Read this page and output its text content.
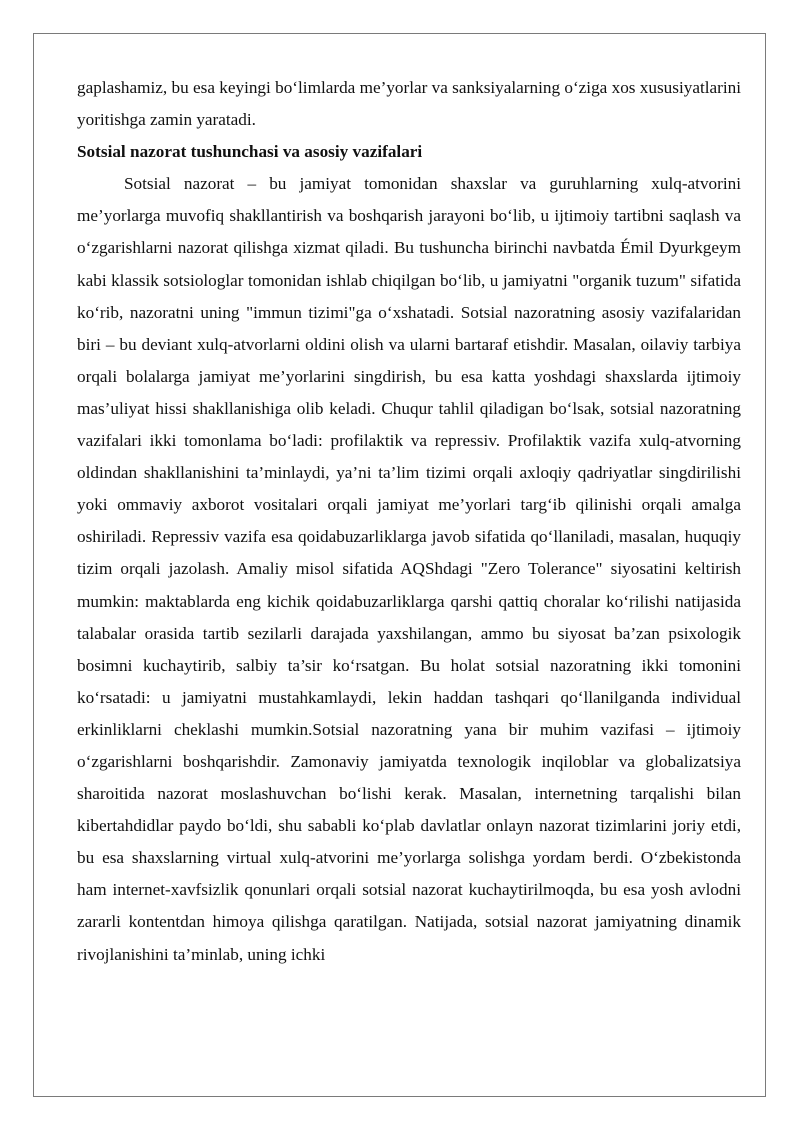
gaplashamiz, bu esa keyingi bo‘limlarda me’yorlar va sanksiyalarning o‘ziga xos xususiyatlarini yoritishga zamin yaratadi.

Sotsial nazorat tushunchasi va asosiy vazifalari

Sotsial nazorat – bu jamiyat tomonidan shaxslar va guruhlarning xulq-atvorini me’yorlarga muvofiq shakllantirish va boshqarish jarayoni bo‘lib, u ijtimoiy tartibni saqlash va o‘zgarishlarni nazorat qilishga xizmat qiladi. Bu tushuncha birinchi navbatda Émil Dyurkgeym kabi klassik sotsiologlar tomonidan ishlab chiqilgan bo‘lib, u jamiyatni "organik tuzum" sifatida ko‘rib, nazoratni uning "immun tizimi"ga o‘xshatadi. Sotsial nazoratning asosiy vazifalaridan biri – bu deviant xulq-atvorlarni oldini olish va ularni bartaraf etishdir. Masalan, oilaviy tarbiya orqali bolalarga jamiyat me’yorlarini singdirish, bu esa katta yoshdagi shaxslarda ijtimoiy mas’uliyat hissi shakllanishiga olib keladi. Chuqur tahlil qiladigan bo‘lsak, sotsial nazoratning vazifalari ikki tomonlama bo‘ladi: profilaktik va repressiv. Profilaktik vazifa xulq-atvorning oldindan shakllanishini ta’minlaydi, ya’ni ta’lim tizimi orqali axloqiy qadriyatlar singdirilishi yoki ommaviy axborot vositalari orqali jamiyat me’yorlari targ‘ib qilinishi orqali amalga oshiriladi. Repressiv vazifa esa qoidabuzarliklarga javob sifatida qo‘llaniladi, masalan, huquqiy tizim orqali jazolash. Amaliy misol sifatida AQShdagi "Zero Tolerance" siyosatini keltirish mumkin: maktablarda eng kichik qoidabuzarliklarga qarshi qattiq choralar ko‘rilishi natijasida talabalar orasida tartib sezilarli darajada yaxshilangan, ammo bu siyosat ba’zan psixologik bosimni kuchaytirib, salbiy ta’sir ko‘rsatgan. Bu holat sotsial nazoratning ikki tomonini ko‘rsatadi: u jamiyatni mustahkamlaydi, lekin haddan tashqari qo‘llanilganda individual erkinliklarni cheklashi mumkin.Sotsial nazoratning yana bir muhim vazifasi – ijtimoiy o‘zgarishlarni boshqarishdir. Zamonaviy jamiyatda texnologik inqiloblar va globalizatsiya sharoitida nazorat moslashuvchan bo‘lishi kerak. Masalan, internetning tarqalishi bilan kibertahdidlar paydo bo‘ldi, shu sababli ko‘plab davlatlar onlayn nazorat tizimlarini joriy etdi, bu esa shaxslarning virtual xulq-atvorini me’yorlarga solishga yordam berdi. O‘zbekistonda ham internet-xavfsizlik qonunlari orqali sotsial nazorat kuchaytirilmoqda, bu esa yosh avlodni zararli kontentdan himoya qilishga qaratilgan. Natijada, sotsial nazorat jamiyatning dinamik rivojlanishini ta’minlab, uning ichki
